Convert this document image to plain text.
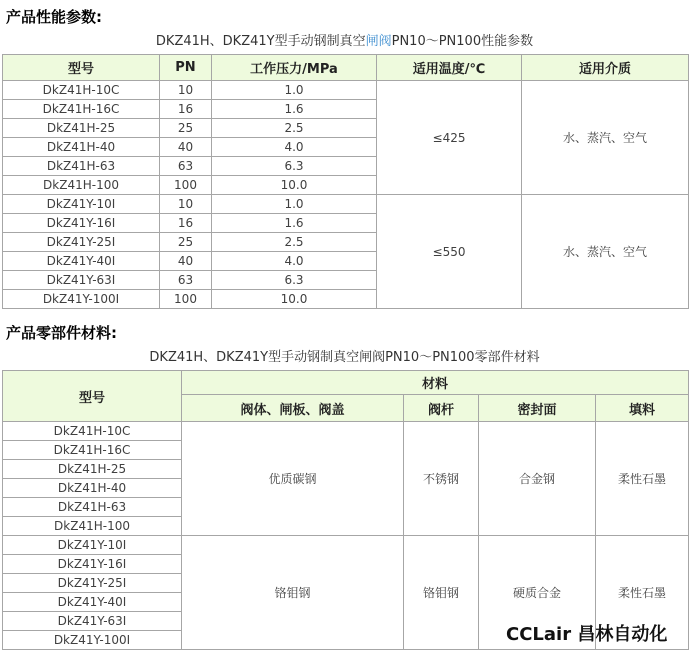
产品性能参数:
DKZ41H、DKZ41Y型手动钢制真空闸阀PN10～PN100性能参数
型号	PN	工作压力/MPa	适用温度/℃	适用介质
DkZ41H-10C	10	1.0	≤425	水、蒸汽、空气
DkZ41H-16C	16	1.6		
DkZ41H-25	25	2.5		
DkZ41H-40	40	4.0		
DkZ41H-63	63	6.3		
DkZ41H-100	100	10.0		
DkZ41Y-10I	10	1.0	≤550	水、蒸汽、空气
DkZ41Y-16I	16	1.6		
DkZ41Y-25I	25	2.5		
DkZ41Y-40I	40	4.0		
DkZ41Y-63I	63	6.3		
DkZ41Y-100I	100	10.0		
产品零部件材料:
DKZ41H、DKZ41Y型手动钢制真空闸阀PN10～PN100零部件材料
型号	材料			
	阀体、闸板、阀盖	阀杆	密封面	填料
DkZ41H-10C	优质碳钢	不锈钢	合金钢	柔性石墨
DkZ41H-16C				
DkZ41H-25				
DkZ41H-40				
DkZ41H-63				
DkZ41H-100				
DkZ41Y-10I	铬钼钢	铬钼钢	硬质合金	柔性石墨
DkZ41Y-16I				
DkZ41Y-25I				
DkZ41Y-40I				
DkZ41Y-63I				
DkZ41Y-100I					CCLair 昌林自动化
